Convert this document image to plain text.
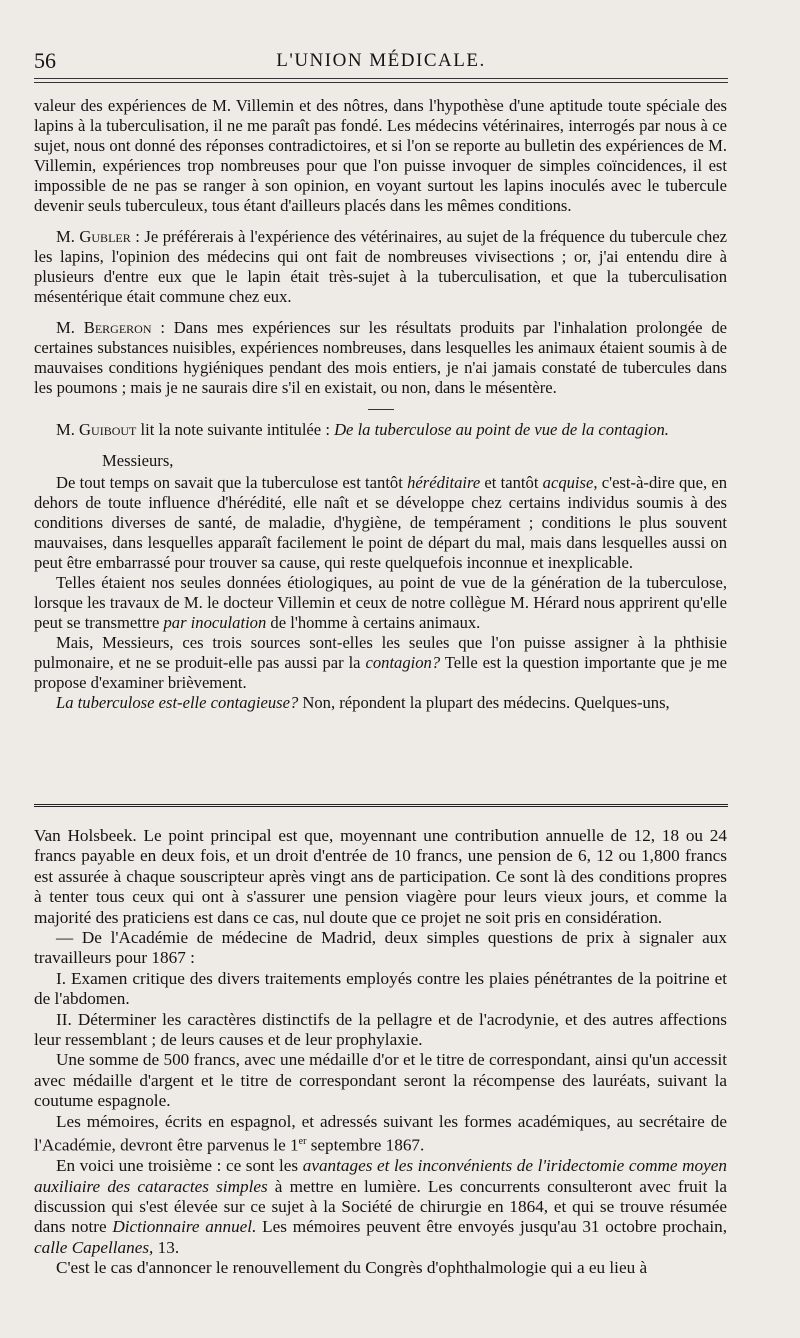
56	L'UNION MÉDICALE.

valeur des expériences de M. Villemin et des nôtres, dans l'hypothèse d'une aptitude toute spéciale des lapins à la tuberculisation, il ne me paraît pas fondé. Les médecins vétérinaires, interrogés par nous à ce sujet, nous ont donné des réponses contradictoires, et si l'on se reporte au bulletin des expériences de M. Villemin, expériences trop nombreuses pour que l'on puisse invoquer de simples coïncidences, il est impossible de ne pas se ranger à son opinion, en voyant surtout les lapins inoculés avec le tubercule devenir seuls tuberculeux, tous étant d'ailleurs placés dans les mêmes conditions.

M. Gubler : Je préférerais à l'expérience des vétérinaires, au sujet de la fréquence du tubercule chez les lapins, l'opinion des médecins qui ont fait de nombreuses vivisections ; or, j'ai entendu dire à plusieurs d'entre eux que le lapin était très-sujet à la tuberculisation, et que la tuberculisation mésentérique était commune chez eux.

M. Bergeron : Dans mes expériences sur les résultats produits par l'inhalation prolongée de certaines substances nuisibles, expériences nombreuses, dans lesquelles les animaux étaient soumis à de mauvaises conditions hygiéniques pendant des mois entiers, je n'ai jamais constaté de tubercules dans les poumons ; mais je ne saurais dire s'il en existait, ou non, dans le mésentère.

M. Guibout lit la note suivante intitulée : De la tuberculose au point de vue de la contagion.

Messieurs,

De tout temps on savait que la tuberculose est tantôt héréditaire et tantôt acquise, c'est-à-dire que, en dehors de toute influence d'hérédité, elle naît et se développe chez certains individus soumis à des conditions diverses de santé, de maladie, d'hygiène, de tempérament ; conditions le plus souvent mauvaises, dans lesquelles apparaît facilement le point de départ du mal, mais dans lesquelles aussi on peut être embarrassé pour trouver sa cause, qui reste quelquefois inconnue et inexplicable.

Telles étaient nos seules données étiologiques, au point de vue de la génération de la tuberculose, lorsque les travaux de M. le docteur Villemin et ceux de notre collègue M. Hérard nous apprirent qu'elle peut se transmettre par inoculation de l'homme à certains animaux.

Mais, Messieurs, ces trois sources sont-elles les seules que l'on puisse assigner à la phthisie pulmonaire, et ne se produit-elle pas aussi par la contagion? Telle est la question importante que je me propose d'examiner brièvement.

La tuberculose est-elle contagieuse? Non, répondent la plupart des médecins. Quelques-uns,

Van Holsbeek. Le point principal est que, moyennant une contribution annuelle de 12, 18 ou 24 francs payable en deux fois, et un droit d'entrée de 10 francs, une pension de 6, 12 ou 1,800 francs est assurée à chaque souscripteur après vingt ans de participation. Ce sont là des conditions propres à tenter tous ceux qui ont à s'assurer une pension viagère pour leurs vieux jours, et comme la majorité des praticiens est dans ce cas, nul doute que ce projet ne soit pris en considération.

— De l'Académie de médecine de Madrid, deux simples questions de prix à signaler aux travailleurs pour 1867 :

I. Examen critique des divers traitements employés contre les plaies pénétrantes de la poitrine et de l'abdomen.

II. Déterminer les caractères distinctifs de la pellagre et de l'acrodynie, et des autres affections leur ressemblant ; de leurs causes et de leur prophylaxie.

Une somme de 500 francs, avec une médaille d'or et le titre de correspondant, ainsi qu'un accessit avec médaille d'argent et le titre de correspondant seront la récompense des lauréats, suivant la coutume espagnole.

Les mémoires, écrits en espagnol, et adressés suivant les formes académiques, au secrétaire de l'Académie, devront être parvenus le 1er septembre 1867.

En voici une troisième : ce sont les avantages et les inconvénients de l'iridectomie comme moyen auxiliaire des cataractes simples à mettre en lumière. Les concurrents consulteront avec fruit la discussion qui s'est élevée sur ce sujet à la Société de chirurgie en 1864, et qui se trouve résumée dans notre Dictionnaire annuel. Les mémoires peuvent être envoyés jusqu'au 31 octobre prochain, calle Capellanes, 13.

C'est le cas d'annoncer le renouvellement du Congrès d'ophthalmologie qui a eu lieu à
